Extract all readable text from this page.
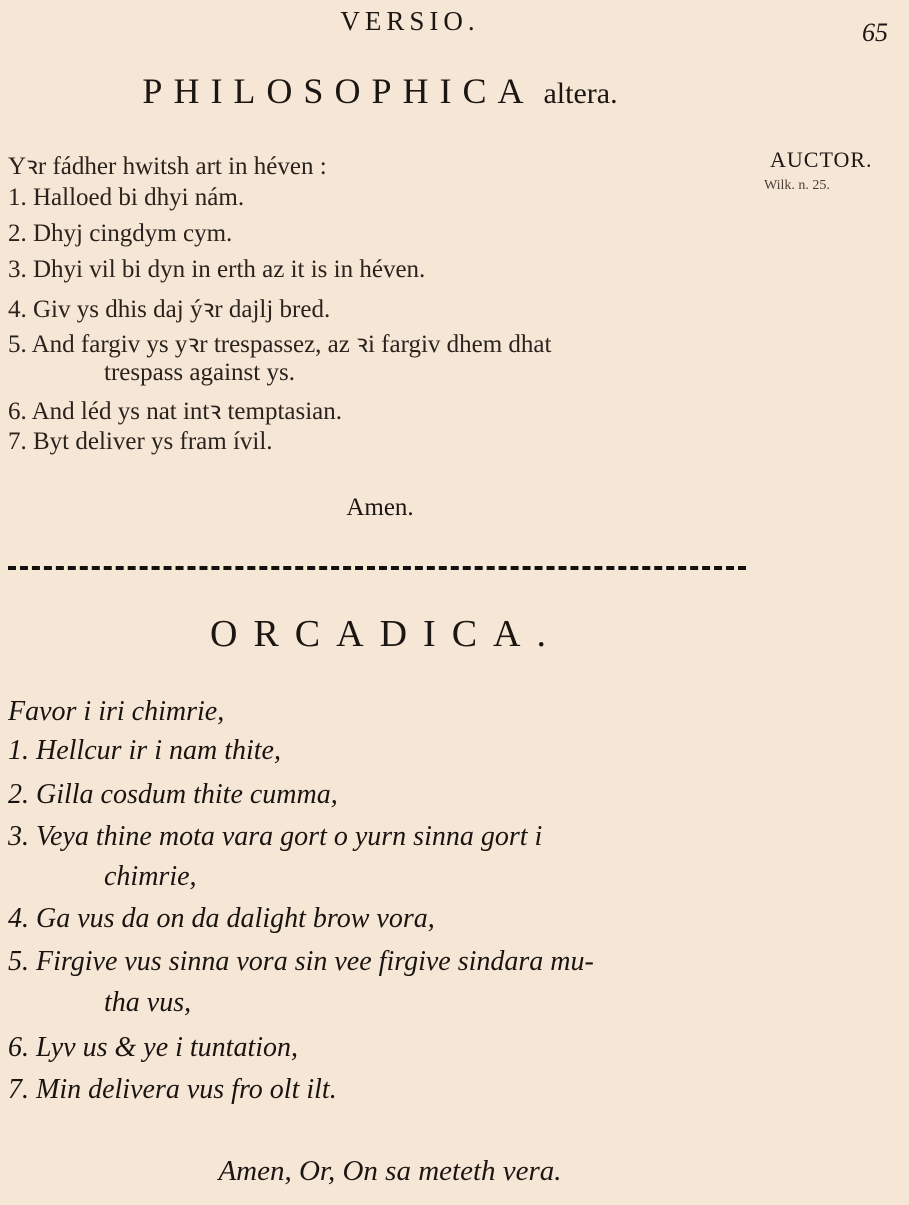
VERSIO.	65
PHILOSOPHICA altera.
AUCTOR.
Wilk. n. 25.
Yꝛr fádher hwitsh art in héven :
1. Halloed bi dhyi nám.
2. Dhyj cingdym cym.
3. Dhyi vil bi dyn in erth az it is in héven.
4. Giv ys dhis daj ýꝛr dajlj bred.
5. And fargiv ys yꝛr trespassez, az ꝛi fargiv dhem dhat
trespass against ys.
6. And léd ys nat intꝛ temptasian.
7. Byt deliver ys fram ívil.
Amen.
ORCADICA.
Favor i iri chimrie,
1. Hellcur ir i nam thite,
2. Gilla cosdum thite cumma,
3. Veya thine mota vara gort o yurn sinna gort i
chimrie,
4. Ga vus da on da dalight brow vora,
5. Firgive vus sinna vora sin vee firgive sindara mu-
tha vus,
6. Lyv us & ye i tuntation,
7. Min delivera vus fro olt ilt.
Amen, Or, On sa meteth vera.
